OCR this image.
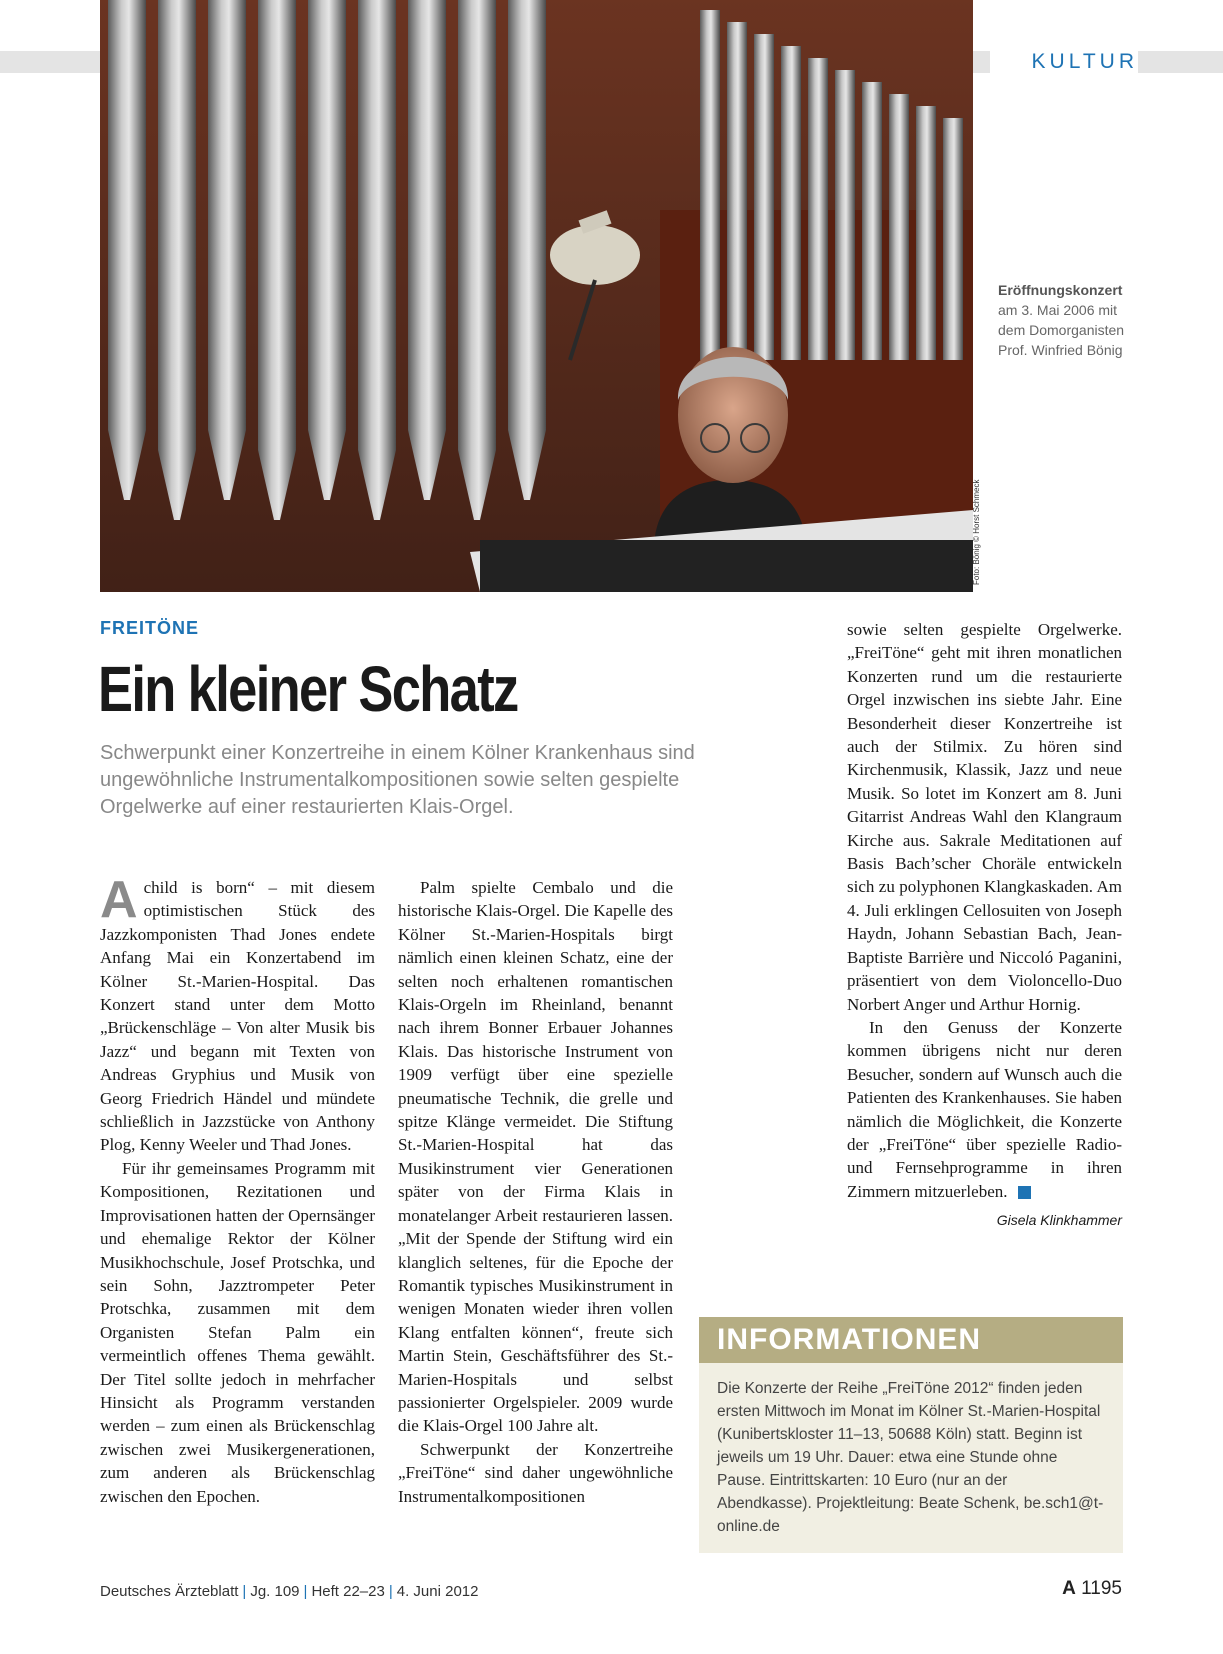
KULTUR
Foto: Bönig © Horst Schmeck
Eröffnungskonzert
am 3. Mai 2006 mit dem Domorganisten Prof. Winfried Bönig
FREITÖNE
Ein kleiner Schatz
Schwerpunkt einer Konzertreihe in einem Kölner Krankenhaus sind ungewöhnliche Instrumentalkompositionen sowie selten gespielte Orgelwerke auf einer restaurierten Klais-Orgel.

Achild is born“ – mit diesem optimistischen Stück des Jazzkomponisten Thad Jones endete Anfang Mai ein Konzertabend im Kölner St.-Marien-Hospital. Das Konzert stand unter dem Motto „Brückenschläge – Von alter Musik bis Jazz“ und begann mit Texten von Andreas Gryphius und Musik von Georg Friedrich Händel und mündete schließlich in Jazzstücke von Anthony Plog, Kenny Weeler und Thad Jones.

Für ihr gemeinsames Programm mit Kompositionen, Rezitationen und Improvisationen hatten der Opernsänger und ehemalige Rektor der Kölner Musikhochschule, Josef Protschka, und sein Sohn, Jazztrompeter Peter Protschka, zusammen mit dem Organisten Stefan Palm ein vermeintlich offenes Thema gewählt. Der Titel sollte jedoch in mehrfacher Hinsicht als Programm verstanden werden – zum einen als Brückenschlag zwischen zwei Musikergenerationen, zum anderen als Brückenschlag zwischen den Epochen.

Palm spielte Cembalo und die historische Klais-Orgel. Die Kapelle des Kölner St.-Marien-Hospitals birgt nämlich einen kleinen Schatz, eine der selten noch erhaltenen romantischen Klais-Orgeln im Rheinland, benannt nach ihrem Bonner Erbauer Johannes Klais. Das historische Instrument von 1909 verfügt über eine spezielle pneumatische Technik, die grelle und spitze Klänge vermeidet. Die Stiftung St.-Marien-Hospital hat das Musikinstrument vier Generationen später von der Firma Klais in monatelanger Arbeit restaurieren lassen. „Mit der Spende der Stiftung wird ein klanglich seltenes, für die Epoche der Romantik typisches Musikinstrument in wenigen Monaten wieder ihren vollen Klang entfalten können“, freute sich Martin Stein, Geschäftsführer des St.-Marien-Hospitals und selbst passionierter Orgelspieler. 2009 wurde die Klais-Orgel 100 Jahre alt.

Schwerpunkt der Konzertreihe „FreiTöne“ sind daher ungewöhnliche Instrumentalkompositionen

sowie selten gespielte Orgelwerke. „FreiTöne“ geht mit ihren monatlichen Konzerten rund um die restaurierte Orgel inzwischen ins siebte Jahr. Eine Besonderheit dieser Konzertreihe ist auch der Stilmix. Zu hören sind Kirchenmusik, Klassik, Jazz und neue Musik. So lotet im Konzert am 8. Juni Gitarrist Andreas Wahl den Klangraum Kirche aus. Sakrale Meditationen auf Basis Bach’scher Choräle entwickeln sich zu polyphonen Klangkaskaden. Am 4. Juli erklingen Cellosuiten von Joseph Haydn, Johann Sebastian Bach, Jean-Baptiste Barrière und Niccoló Paganini, präsentiert von dem Violoncello-Duo Norbert Anger und Arthur Hornig.

In den Genuss der Konzerte kommen übrigens nicht nur deren Besucher, sondern auf Wunsch auch die Patienten des Krankenhauses. Sie haben nämlich die Möglichkeit, die Konzerte der „FreiTöne“ über spezielle Radio- und Fernsehprogramme in ihren Zimmern mitzuerleben.

Gisela Klinkhammer
INFORMATIONEN
Die Konzerte der Reihe „FreiTöne 2012“ finden jeden ersten Mittwoch im Monat im Kölner St.-Marien-Hospital (Kunibertskloster 11–13, 50688 Köln) statt. Beginn ist jeweils um 19 Uhr. Dauer: etwa eine Stunde ohne Pause. Eintrittskarten: 10 Euro (nur an der Abendkasse). Projektleitung: Beate Schenk, be.sch1@t-online.de
Deutsches Ärzteblatt | Jg. 109 | Heft 22–23 | 4. Juni 2012	A 1195
